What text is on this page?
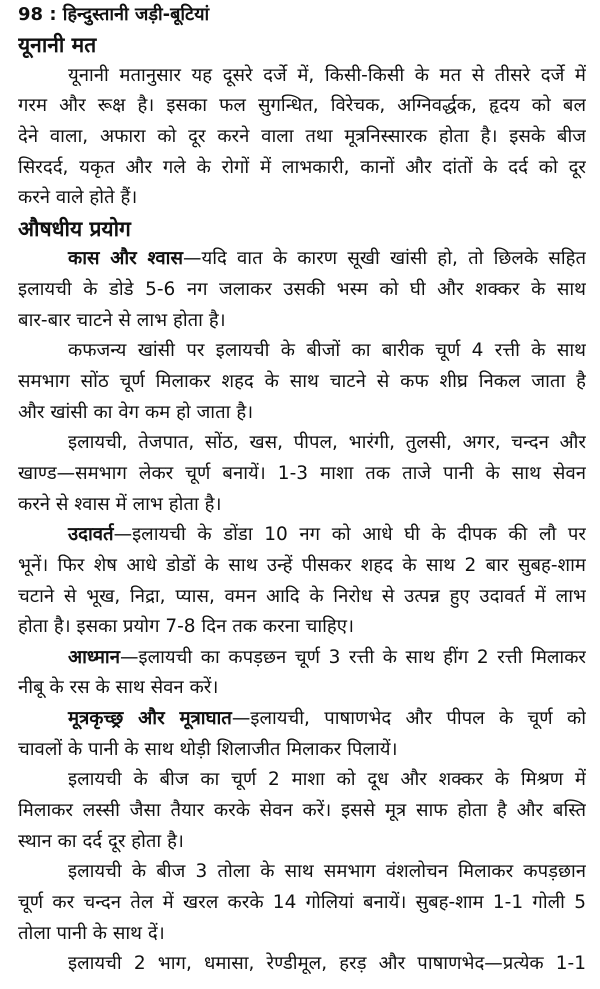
98 : हिन्दुस्तानी जड़ी-बूटियां
यूनानी मत
यूनानी मतानुसार यह दूसरे दर्जे में, किसी-किसी के मत से तीसरे दर्जे में
गरम और रूक्ष है। इसका फल सुगन्धित, विरेचक, अग्निवर्द्धक, हृदय को बल
देने वाला, अफारा को दूर करने वाला तथा मूत्रनिस्सारक होता है। इसके बीज
सिरदर्द, यकृत और गले के रोगों में लाभकारी, कानों और दांतों के दर्द को दूर
करने वाले होते हैं।
औषधीय प्रयोग
कास और श्वास—यदि वात के कारण सूखी खांसी हो, तो छिलके सहित
इलायची के डोडे 5-6 नग जलाकर उसकी भस्म को घी और शक्कर के साथ
बार-बार चाटने से लाभ होता है।
कफजन्य खांसी पर इलायची के बीजों का बारीक चूर्ण 4 रत्ती के साथ
समभाग सोंठ चूर्ण मिलाकर शहद के साथ चाटने से कफ शीघ्र निकल जाता है
और खांसी का वेग कम हो जाता है।
इलायची, तेजपात, सोंठ, खस, पीपल, भारंगी, तुलसी, अगर, चन्दन और
खाण्ड—समभाग लेकर चूर्ण बनायें। 1-3 माशा तक ताजे पानी के साथ सेवन
करने से श्वास में लाभ होता है।
उदावर्त—इलायची के डोंडा 10 नग को आधे घी के दीपक की लौ पर
भूनें। फिर शेष आधे डोडों के साथ उन्हें पीसकर शहद के साथ 2 बार सुबह-शाम
चटाने से भूख, निद्रा, प्यास, वमन आदि के निरोध से उत्पन्न हुए उदावर्त में लाभ
होता है। इसका प्रयोग 7-8 दिन तक करना चाहिए।
आध्मान—इलायची का कपड़छन चूर्ण 3 रत्ती के साथ हींग 2 रत्ती मिलाकर
नीबू के रस के साथ सेवन करें।
मूत्रकृच्छ्र और मूत्राघात—इलायची, पाषाणभेद और पीपल के चूर्ण को
चावलों के पानी के साथ थोड़ी शिलाजीत मिलाकर पिलायें।
इलायची के बीज का चूर्ण 2 माशा को दूध और शक्कर के मिश्रण में
मिलाकर लस्सी जैसा तैयार करके सेवन करें। इससे मूत्र साफ होता है और बस्ति
स्थान का दर्द दूर होता है।
इलायची के बीज 3 तोला के साथ समभाग वंशलोचन मिलाकर कपड़छान
चूर्ण कर चन्दन तेल में खरल करके 14 गोलियां बनायें। सुबह-शाम 1-1 गोली 5
तोला पानी के साथ दें।
इलायची 2 भाग, धमासा, रेण्डीमूल, हरड़ और पाषाणभेद—प्रत्येक 1-1
